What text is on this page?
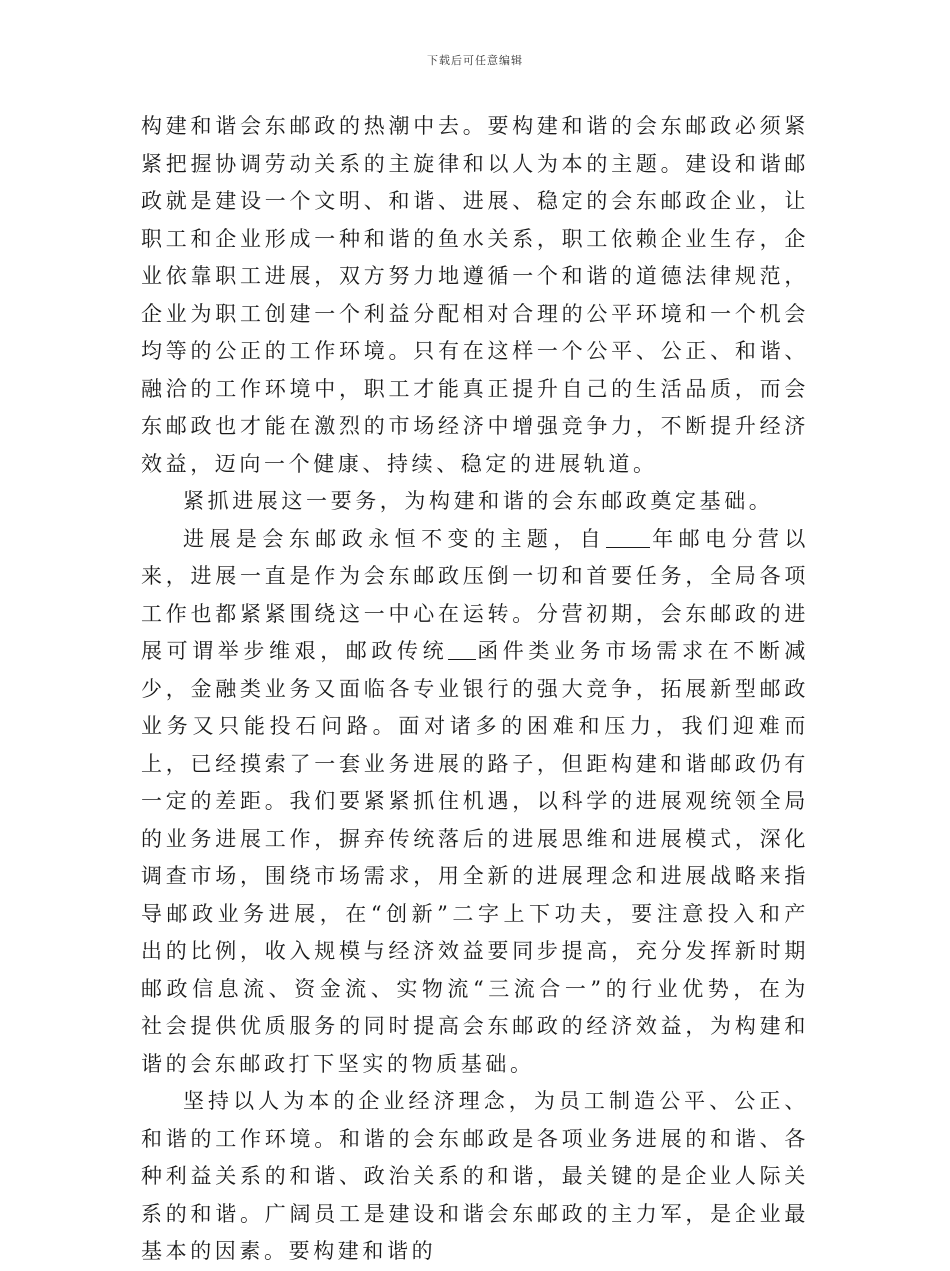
下载后可任意编辑

构建和谐会东邮政的热潮中去。要构建和谐的会东邮政必须紧紧把握协调劳动关系的主旋律和以人为本的主题。建设和谐邮政就是建设一个文明、和谐、进展、稳定的会东邮政企业，让职工和企业形成一种和谐的鱼水关系，职工依赖企业生存，企业依靠职工进展，双方努力地遵循一个和谐的道德法律规范，企业为职工创建一个利益分配相对合理的公平环境和一个机会均等的公正的工作环境。只有在这样一个公平、公正、和谐、融洽的工作环境中，职工才能真正提升自己的生活品质，而会东邮政也才能在激烈的市场经济中增强竞争力，不断提升经济效益，迈向一个健康、持续、稳定的进展轨道。

紧抓进展这一要务，为构建和谐的会东邮政奠定基础。

进展是会东邮政永恒不变的主题，自 年邮电分营以来，进展一直是作为会东邮政压倒一切和首要任务，全局各项工作也都紧紧围绕这一中心在运转。分营初期，会东邮政的进展可谓举步维艰，邮政传统 函件类业务市场需求在不断减少，金融类业务又面临各专业银行的强大竞争，拓展新型邮政业务又只能投石问路。面对诸多的困难和压力，我们迎难而上，已经摸索了一套业务进展的路子，但距构建和谐邮政仍有一定的差距。我们要紧紧抓住机遇，以科学的进展观统领全局的业务进展工作，摒弃传统落后的进展思维和进展模式，深化调查市场，围绕市场需求，用全新的进展理念和进展战略来指导邮政业务进展，在“创新”二字上下功夫，要注意投入和产出的比例，收入规模与经济效益要同步提高，充分发挥新时期邮政信息流、资金流、实物流“三流合一”的行业优势，在为社会提供优质服务的同时提高会东邮政的经济效益，为构建和谐的会东邮政打下坚实的物质基础。

坚持以人为本的企业经济理念，为员工制造公平、公正、和谐的工作环境。和谐的会东邮政是各项业务进展的和谐、各种利益关系的和谐、政治关系的和谐，最关键的是企业人际关系的和谐。广阔员工是建设和谐会东邮政的主力军，是企业最基本的因素。要构建和谐的
